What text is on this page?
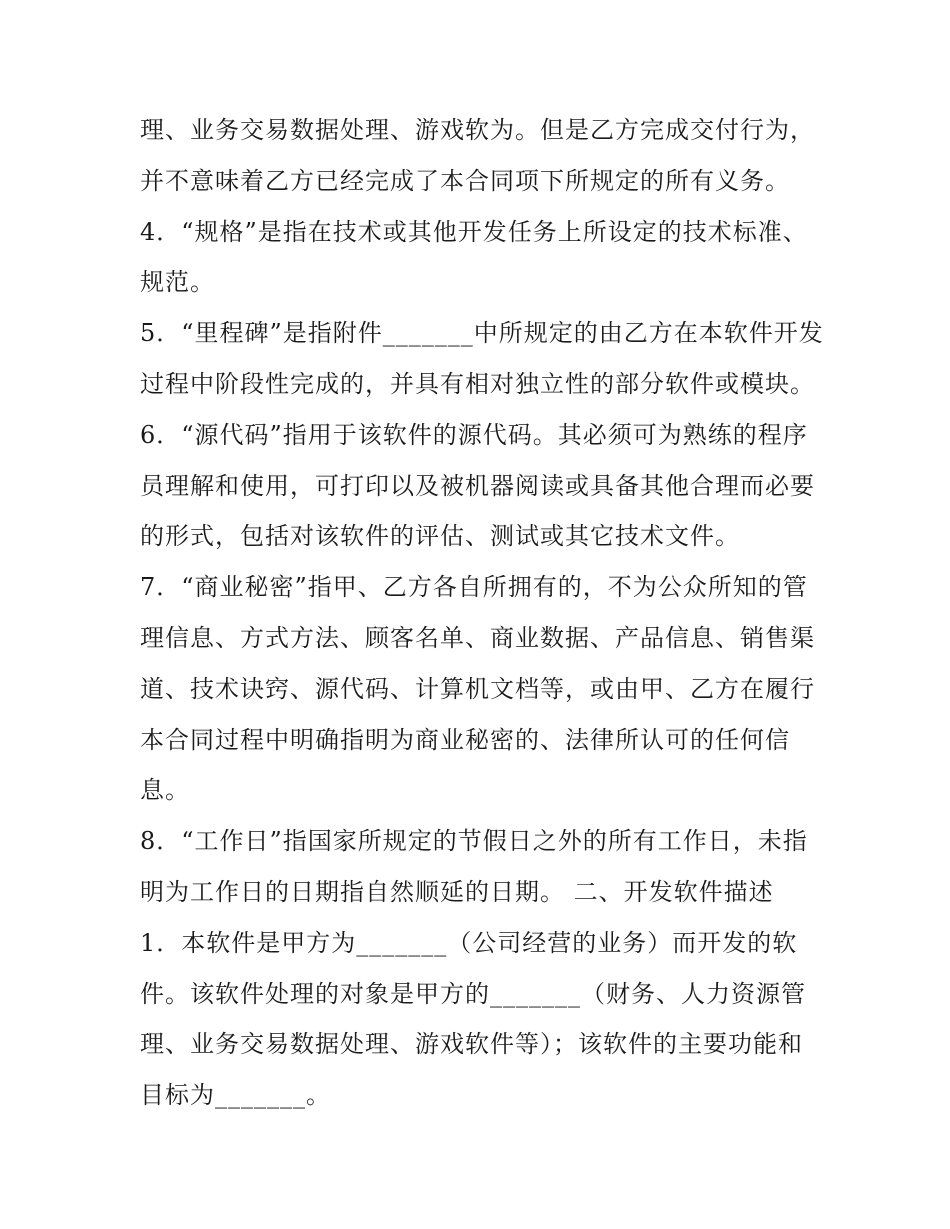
理、业务交易数据处理、游戏软为。但是乙方完成交付行为，
并不意味着乙方已经完成了本合同项下所规定的所有义务。
4．“规格”是指在技术或其他开发任务上所设定的技术标准、
规范。
5．“里程碑”是指附件_______中所规定的由乙方在本软件开发
过程中阶段性完成的，并具有相对独立性的部分软件或模块。
6．“源代码”指用于该软件的源代码。其必须可为熟练的程序
员理解和使用，可打印以及被机器阅读或具备其他合理而必要
的形式，包括对该软件的评估、测试或其它技术文件。
7．“商业秘密”指甲、乙方各自所拥有的，不为公众所知的管
理信息、方式方法、顾客名单、商业数据、产品信息、销售渠
道、技术诀窍、源代码、计算机文档等，或由甲、乙方在履行
本合同过程中明确指明为商业秘密的、法律所认可的任何信
息。
8．“工作日”指国家所规定的节假日之外的所有工作日，未指
明为工作日的日期指自然顺延的日期。 二、开发软件描述
1．本软件是甲方为_______（公司经营的业务）而开发的软
件。该软件处理的对象是甲方的_______（财务、人力资源管
理、业务交易数据处理、游戏软件等）；该软件的主要功能和
目标为_______。
